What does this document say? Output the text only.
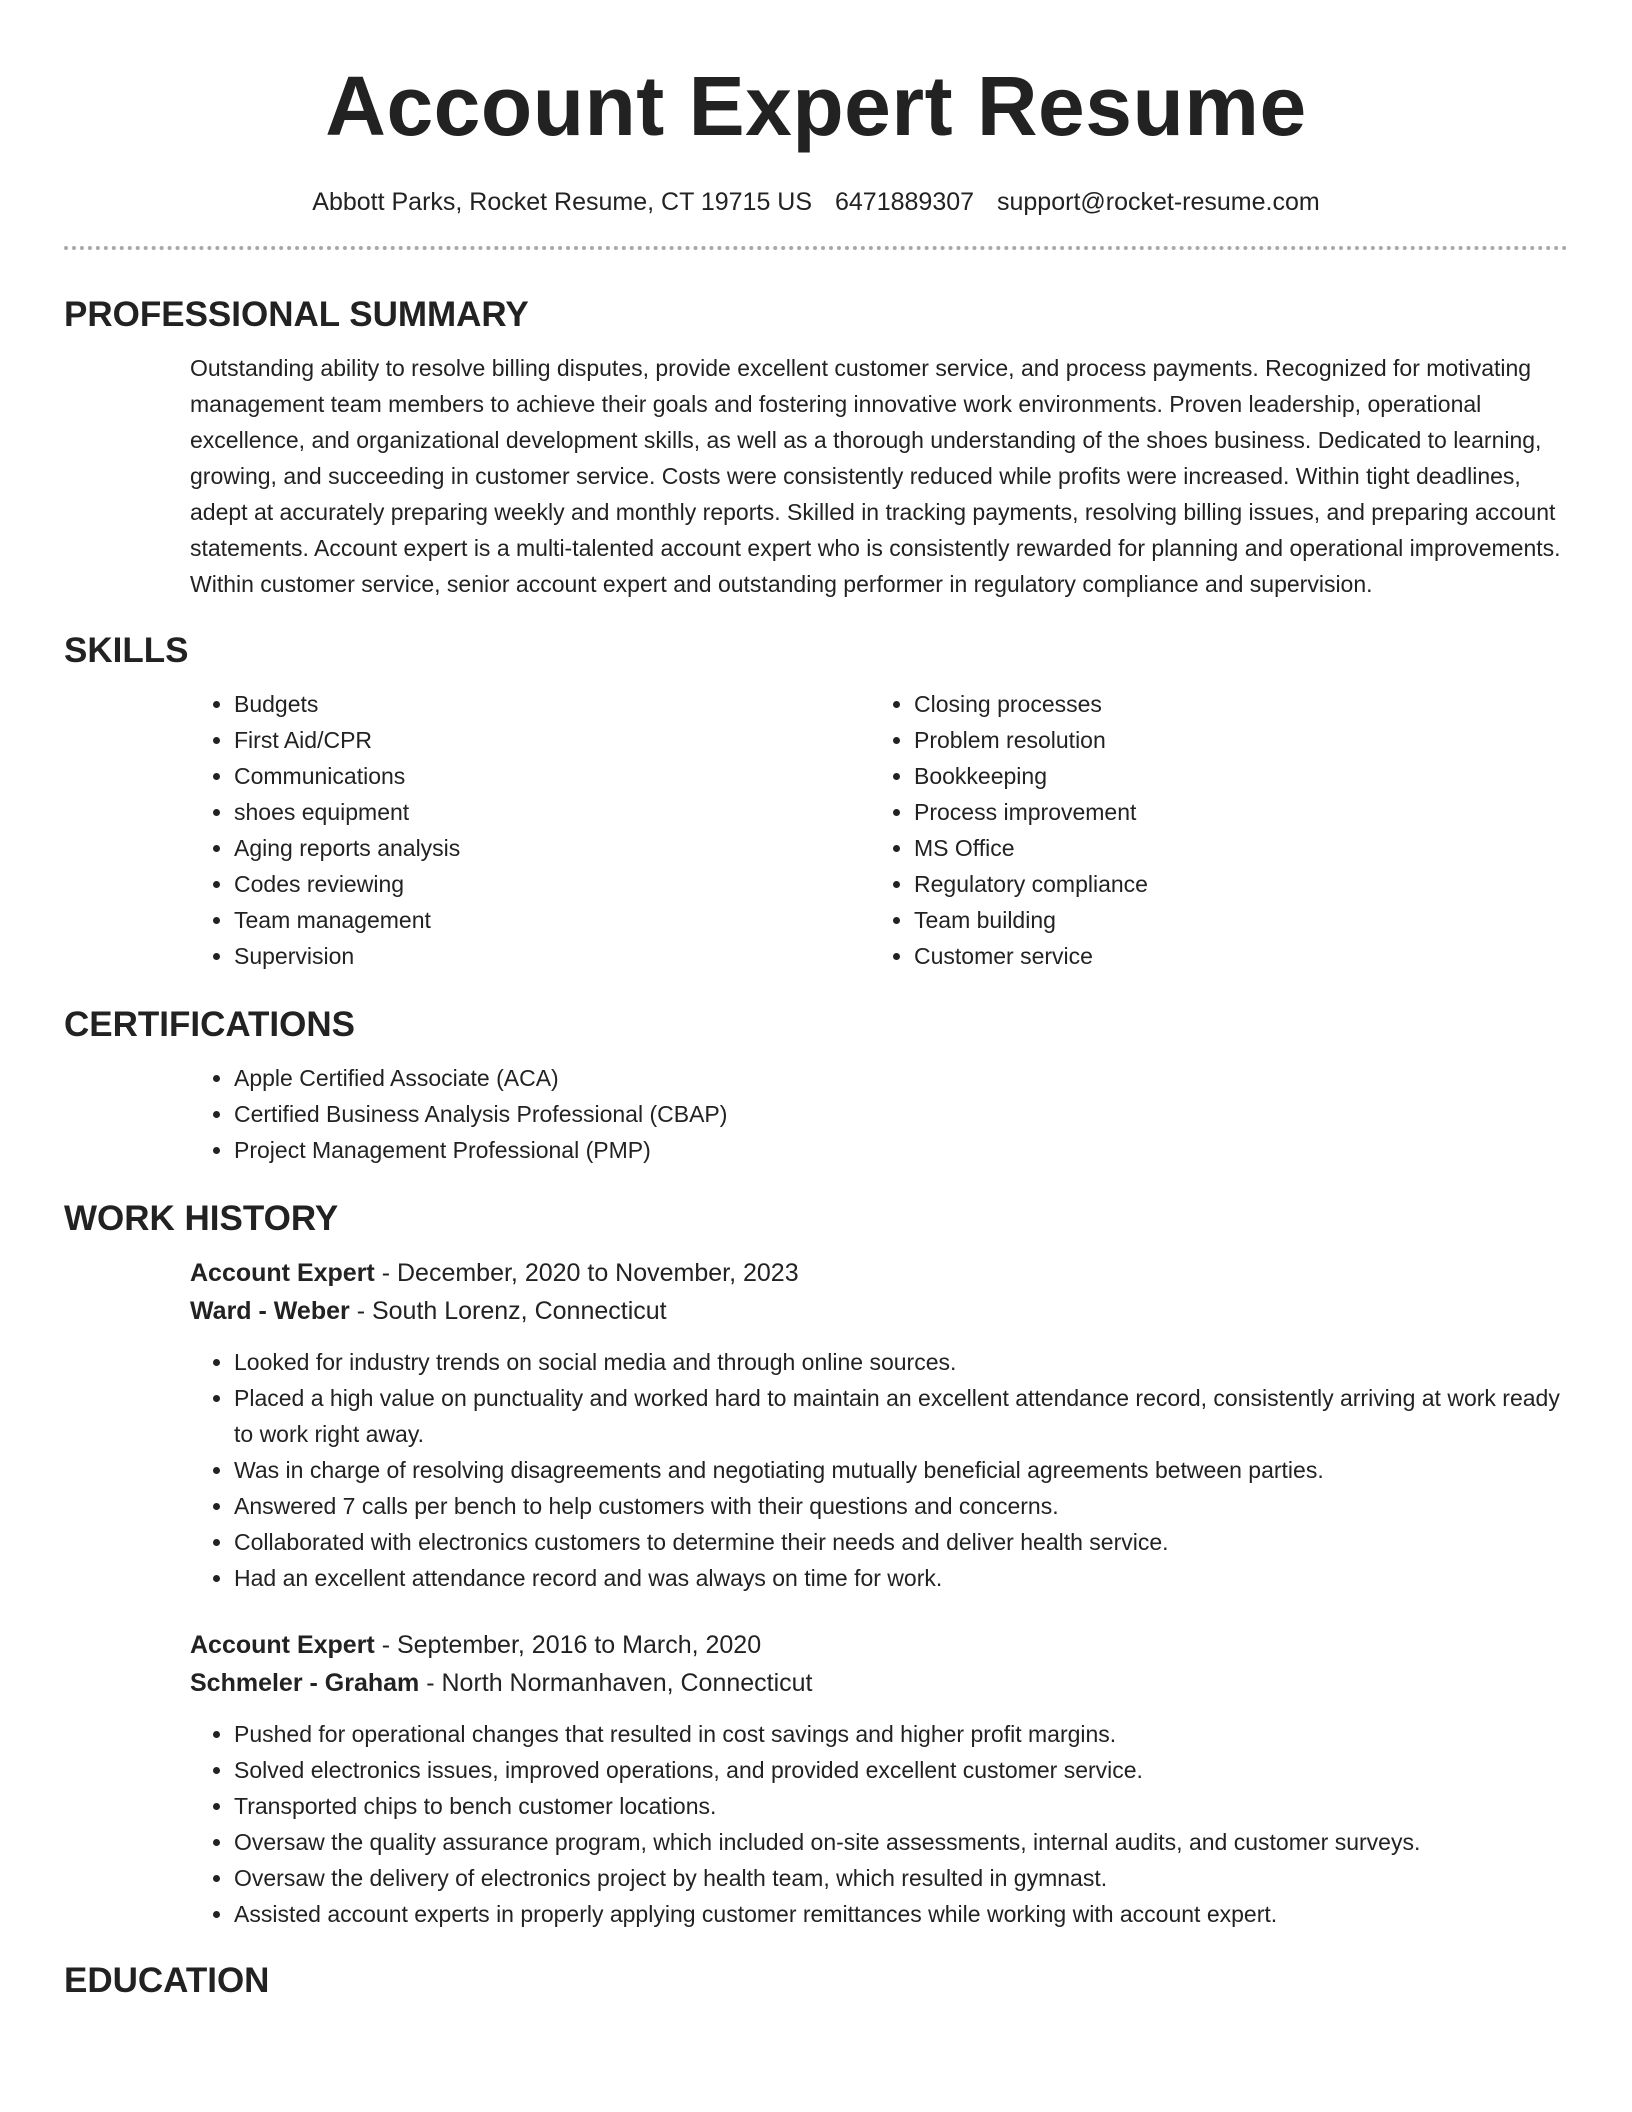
Account Expert Resume
Abbott Parks, Rocket Resume, CT 19715 US 6471889307 support@rocket-resume.com
PROFESSIONAL SUMMARY

Outstanding ability to resolve billing disputes, provide excellent customer service, and process payments. Recognized for motivating management team members to achieve their goals and fostering innovative work environments. Proven leadership, operational excellence, and organizational development skills, as well as a thorough understanding of the shoes business. Dedicated to learning, growing, and succeeding in customer service. Costs were consistently reduced while profits were increased. Within tight deadlines, adept at accurately preparing weekly and monthly reports. Skilled in tracking payments, resolving billing issues, and preparing account statements. Account expert is a multi-talented account expert who is consistently rewarded for planning and operational improvements. Within customer service, senior account expert and outstanding performer in regulatory compliance and supervision.

SKILLS
• Budgets
• First Aid/CPR
• Communications
• shoes equipment
• Aging reports analysis
• Codes reviewing
• Team management
• Supervision
• Closing processes
• Problem resolution
• Bookkeeping
• Process improvement
• MS Office
• Regulatory compliance
• Team building
• Customer service
CERTIFICATIONS
• Apple Certified Associate (ACA)
• Certified Business Analysis Professional (CBAP)
• Project Management Professional (PMP)
WORK HISTORY
Account Expert - December, 2020 to November, 2023
Ward - Weber - South Lorenz, Connecticut
• Looked for industry trends on social media and through online sources.
• Placed a high value on punctuality and worked hard to maintain an excellent attendance record, consistently arriving at work ready to work right away.
• Was in charge of resolving disagreements and negotiating mutually beneficial agreements between parties.
• Answered 7 calls per bench to help customers with their questions and concerns.
• Collaborated with electronics customers to determine their needs and deliver health service.
• Had an excellent attendance record and was always on time for work.
Account Expert - September, 2016 to March, 2020
Schmeler - Graham - North Normanhaven, Connecticut
• Pushed for operational changes that resulted in cost savings and higher profit margins.
• Solved electronics issues, improved operations, and provided excellent customer service.
• Transported chips to bench customer locations.
• Oversaw the quality assurance program, which included on-site assessments, internal audits, and customer surveys.
• Oversaw the delivery of electronics project by health team, which resulted in gymnast.
• Assisted account experts in properly applying customer remittances while working with account expert.
EDUCATION
